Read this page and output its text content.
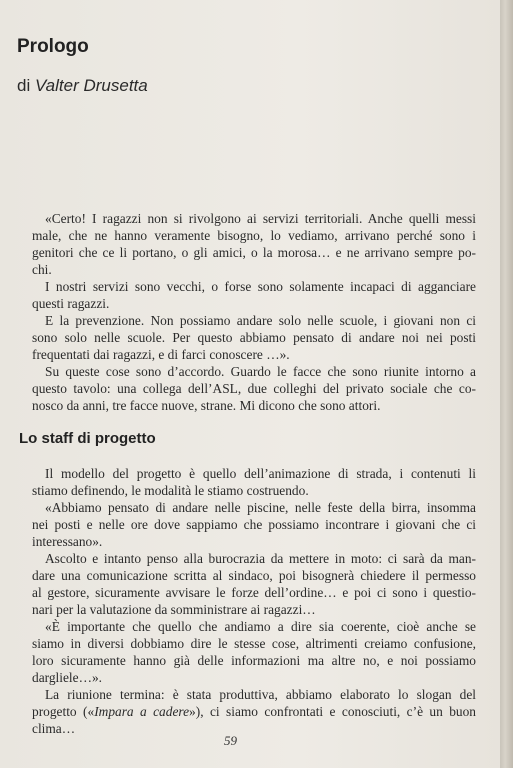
Prologo
di Valter Drusetta
«Certo! I ragazzi non si rivolgono ai servizi territoriali. Anche quelli messi
male, che ne hanno veramente bisogno, lo vediamo, arrivano perché sono i
genitori che ce li portano, o gli amici, o la morosa… e ne arrivano sempre po-
chi.
I nostri servizi sono vecchi, o forse sono solamente incapaci di agganciare
questi ragazzi.
E la prevenzione. Non possiamo andare solo nelle scuole, i giovani non ci
sono solo nelle scuole. Per questo abbiamo pensato di andare noi nei posti
frequentati dai ragazzi, e di farci conoscere …».
Su queste cose sono d’accordo. Guardo le facce che sono riunite intorno a
questo tavolo: una collega dell’ASL, due colleghi del privato sociale che co-
nosco da anni, tre facce nuove, strane. Mi dicono che sono attori.
Lo staff di progetto
Il modello del progetto è quello dell’animazione di strada, i contenuti li
stiamo definendo, le modalità le stiamo costruendo.
«Abbiamo pensato di andare nelle piscine, nelle feste della birra, insomma
nei posti e nelle ore dove sappiamo che possiamo incontrare i giovani che ci
interessano».
Ascolto e intanto penso alla burocrazia da mettere in moto: ci sarà da man-
dare una comunicazione scritta al sindaco, poi bisognerà chiedere il permesso
al gestore, sicuramente avvisare le forze dell’ordine… e poi ci sono i questio-
nari per la valutazione da somministrare ai ragazzi…
«È importante che quello che andiamo a dire sia coerente, cioè anche se
siamo in diversi dobbiamo dire le stesse cose, altrimenti creiamo confusione,
loro sicuramente hanno già delle informazioni ma altre no, e noi possiamo
dargliele…».
La riunione termina: è stata produttiva, abbiamo elaborato lo slogan del
progetto («Impara a cadere»), ci siamo confrontati e conosciuti, c’è un buon
clima…
59
